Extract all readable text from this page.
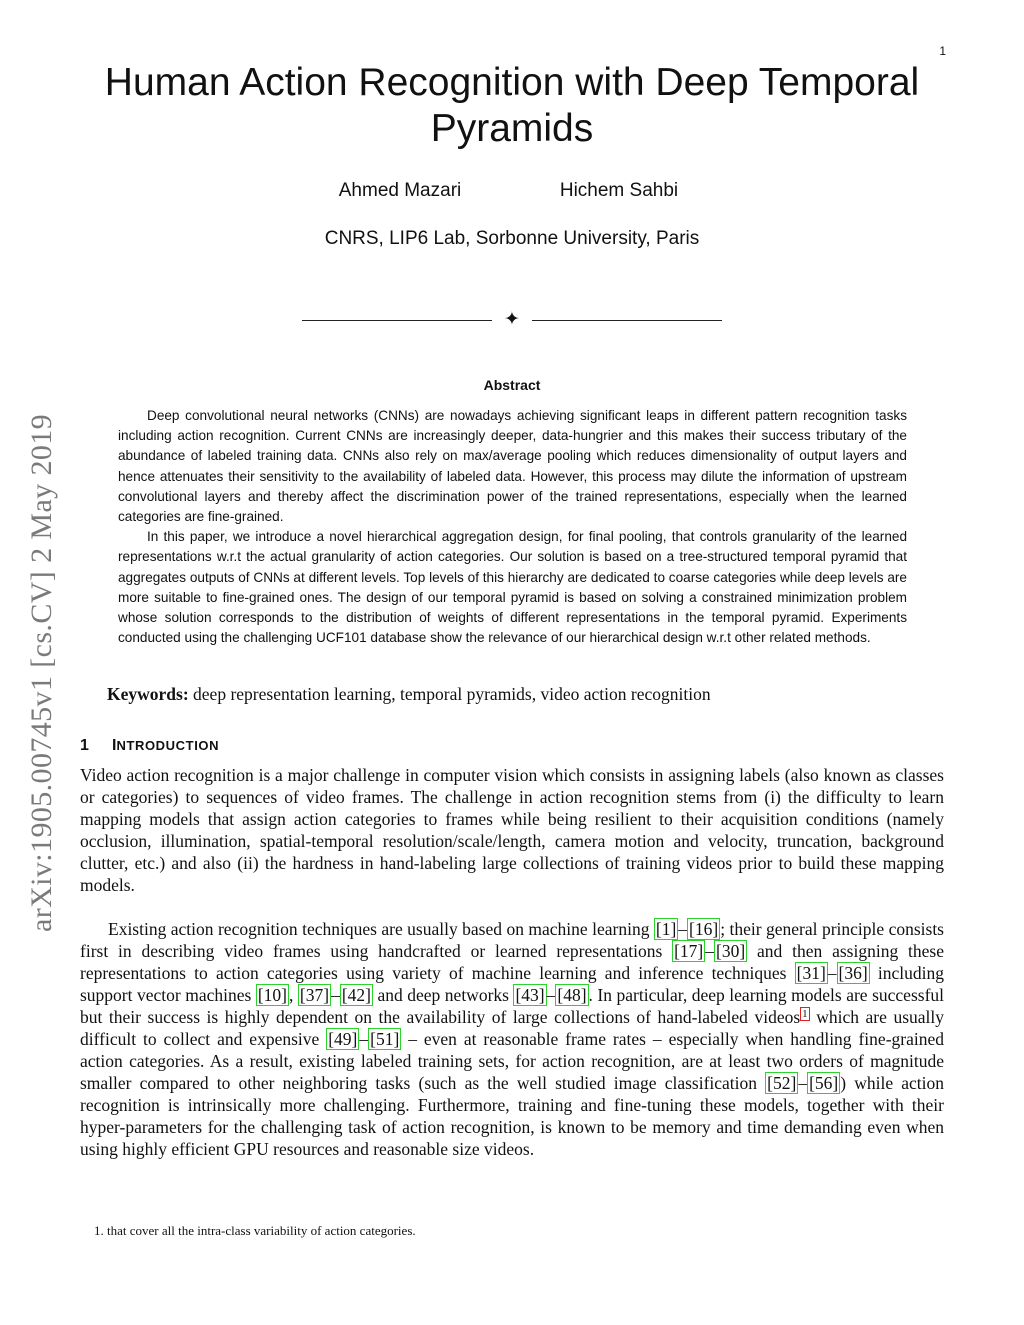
1
Human Action Recognition with Deep Temporal Pyramids
Ahmed Mazari	Hichem Sahbi
CNRS, LIP6 Lab, Sorbonne University, Paris
✦
arXiv:1905.00745v1 [cs.CV] 2 May 2019
Abstract

Deep convolutional neural networks (CNNs) are nowadays achieving significant leaps in different pattern recognition tasks including action recognition. Current CNNs are increasingly deeper, data-hungrier and this makes their success tributary of the abundance of labeled training data. CNNs also rely on max/average pooling which reduces dimensionality of output layers and hence attenuates their sensitivity to the availability of labeled data. However, this process may dilute the information of upstream convolutional layers and thereby affect the discrimination power of the trained representations, especially when the learned categories are fine-grained.

In this paper, we introduce a novel hierarchical aggregation design, for final pooling, that controls granularity of the learned representations w.r.t the actual granularity of action categories. Our solution is based on a tree-structured temporal pyramid that aggregates outputs of CNNs at different levels. Top levels of this hierarchy are dedicated to coarse categories while deep levels are more suitable to fine-grained ones. The design of our temporal pyramid is based on solving a constrained minimization problem whose solution corresponds to the distribution of weights of different representations in the temporal pyramid. Experiments conducted using the challenging UCF101 database show the relevance of our hierarchical design w.r.t other related methods.

Keywords: deep representation learning, temporal pyramids, video action recognition
1 INTRODUCTION

Video action recognition is a major challenge in computer vision which consists in assigning labels (also known as classes or categories) to sequences of video frames. The challenge in action recognition stems from (i) the difficulty to learn mapping models that assign action categories to frames while being resilient to their acquisition conditions (namely occlusion, illumination, spatial-temporal resolution/scale/length, camera motion and velocity, truncation, background clutter, etc.) and also (ii) the hardness in hand-labeling large collections of training videos prior to build these mapping models.

Existing action recognition techniques are usually based on machine learning [1] – [16] ; their general principle consists first in describing video frames using handcrafted or learned representations [17] – [30] and then assigning these representations to action categories using variety of machine learning and inference techniques [31] – [36] including support vector machines [10] , [37] – [42] and deep networks [43] – [48] . In particular, deep learning models are successful but their success is highly dependent on the availability of large collections of hand-labeled videos $^1$ which are usually difficult to collect and expensive [49] – [51] – even at reasonable frame rates – especially when handling fine-grained action categories. As a result, existing labeled training sets, for action recognition, are at least two orders of magnitude smaller compared to other neighboring tasks (such as the well studied image classification [52] – [56] ) while action recognition is intrinsically more challenging. Furthermore, training and fine-tuning these models, together with their hyper-parameters for the challenging task of action recognition, is known to be memory and time demanding even when using highly efficient GPU resources and reasonable size videos.

1. that cover all the intra-class variability of action categories.
